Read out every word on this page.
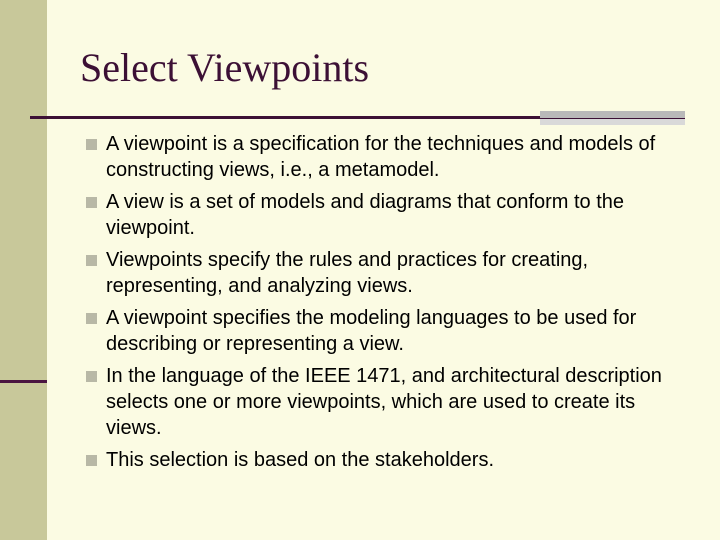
Select Viewpoints
A viewpoint is a specification for the techniques and models of constructing views, i.e., a metamodel.
A view is a set of models and diagrams that conform to the viewpoint.
Viewpoints specify the rules and practices for creating, representing, and analyzing views.
A viewpoint specifies the modeling languages to be used for describing or representing a view.
In the language of the IEEE 1471, and architectural description selects one or more viewpoints, which are used to create its views.
This selection is based on the stakeholders.
